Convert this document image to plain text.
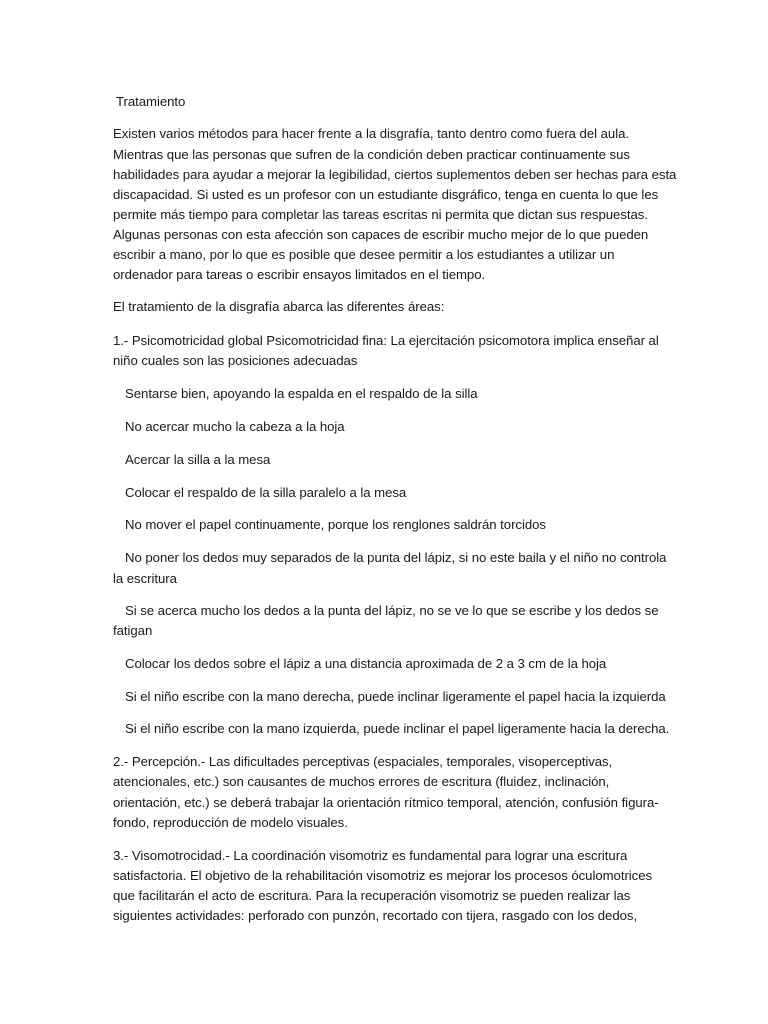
Tratamiento
Existen varios métodos para hacer frente a la disgrafía, tanto dentro como fuera del aula.
Mientras que las personas que sufren de la condición deben practicar continuamente sus
habilidades para ayudar a mejorar la legibilidad, ciertos suplementos deben ser hechas para esta
discapacidad. Si usted es un profesor con un estudiante disgráfico, tenga en cuenta lo que les
permite más tiempo para completar las tareas escritas ni permita que dictan sus respuestas.
Algunas personas con esta afección son capaces de escribir mucho mejor de lo que pueden
escribir a mano, por lo que es posible que desee permitir a los estudiantes a utilizar un
ordenador para tareas o escribir ensayos limitados en el tiempo.
El tratamiento de la disgrafía abarca las diferentes áreas:
1.- Psicomotricidad global Psicomotricidad fina: La ejercitación psicomotora implica enseñar al
niño cuales son las posiciones adecuadas
Sentarse bien, apoyando la espalda en el respaldo de la silla
No acercar mucho la cabeza a la hoja
Acercar la silla a la mesa
Colocar el respaldo de la silla paralelo a la mesa
No mover el papel continuamente, porque los renglones saldrán torcidos
No poner los dedos muy separados de la punta del lápiz, si no este baila y el niño no controla
la escritura
Si se acerca mucho los dedos a la punta del lápiz, no se ve lo que se escribe y los dedos se
fatigan
Colocar los dedos sobre el lápiz a una distancia aproximada de 2 a 3 cm de la hoja
Si el niño escribe con la mano derecha, puede inclinar ligeramente el papel hacia la izquierda
Si el niño escribe con la mano izquierda, puede inclinar el papel ligeramente hacia la derecha.
2.- Percepción.- Las dificultades perceptivas (espaciales, temporales, visoperceptivas,
atencionales, etc.) son causantes de muchos errores de escritura (fluidez, inclinación,
orientación, etc.) se deberá trabajar la orientación rítmico temporal, atención, confusión figura-
fondo, reproducción de modelo visuales.
3.- Visomotrocidad.- La coordinación visomotriz es fundamental para lograr una escritura
satisfactoria. El objetivo de la rehabilitación visomotriz es mejorar los procesos óculomotrices
que facilitarán el acto de escritura. Para la recuperación visomotriz se pueden realizar las
siguientes actividades: perforado con punzón, recortado con tijera, rasgado con los dedos,
